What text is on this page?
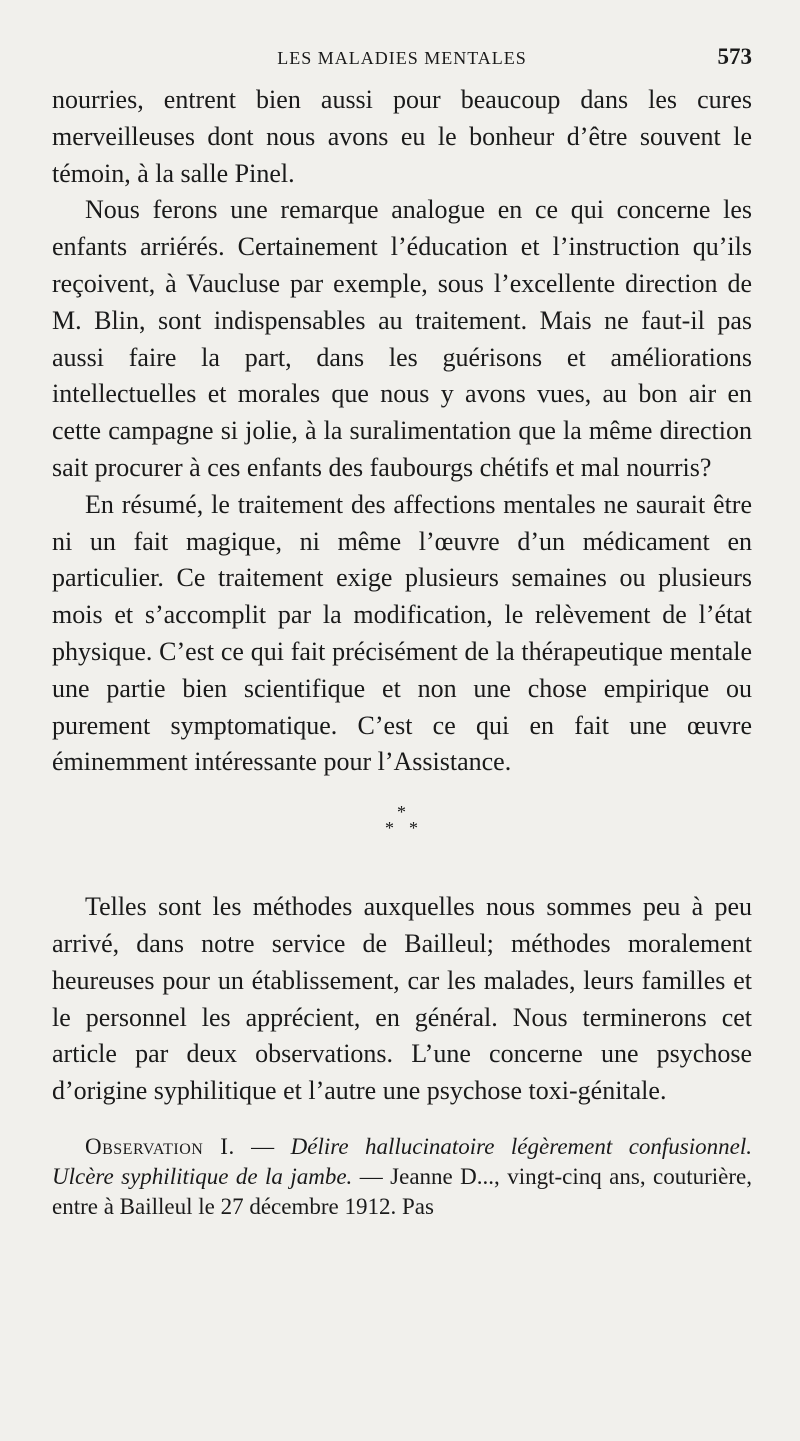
LES MALADIES MENTALES	573

nourries, entrent bien aussi pour beaucoup dans les cures merveilleuses dont nous avons eu le bonheur d’être souvent le témoin, à la salle Pinel.

Nous ferons une remarque analogue en ce qui concerne les enfants arriérés. Certainement l’éducation et l’instruction qu’ils reçoivent, à Vaucluse par exemple, sous l’excellente direction de M. Blin, sont indispensables au traitement. Mais ne faut-il pas aussi faire la part, dans les guérisons et améliorations intellectuelles et morales que nous y avons vues, au bon air en cette campagne si jolie, à la suralimentation que la même direction sait procurer à ces enfants des faubourgs chétifs et mal nourris?

En résumé, le traitement des affections mentales ne saurait être ni un fait magique, ni même l’œuvre d’un médicament en particulier. Ce traitement exige plusieurs semaines ou plusieurs mois et s’accomplit par la modification, le relèvement de l’état physique. C’est ce qui fait précisément de la thérapeutique mentale une partie bien scientifique et non une chose empirique ou purement symptomatique. C’est ce qui en fait une œuvre éminemment intéressante pour l’Assistance.

*
* *

Telles sont les méthodes auxquelles nous sommes peu à peu arrivé, dans notre service de Bailleul; méthodes moralement heureuses pour un établissement, car les malades, leurs familles et le personnel les apprécient, en général. Nous terminerons cet article par deux observations. L’une concerne une psychose d’origine syphilitique et l’autre une psychose toxi-génitale.

Observation I. — Délire hallucinatoire légèrement confusionnel. Ulcère syphilitique de la jambe. — Jeanne D..., vingt-cinq ans, couturière, entre à Bailleul le 27 décembre 1912. Pas
